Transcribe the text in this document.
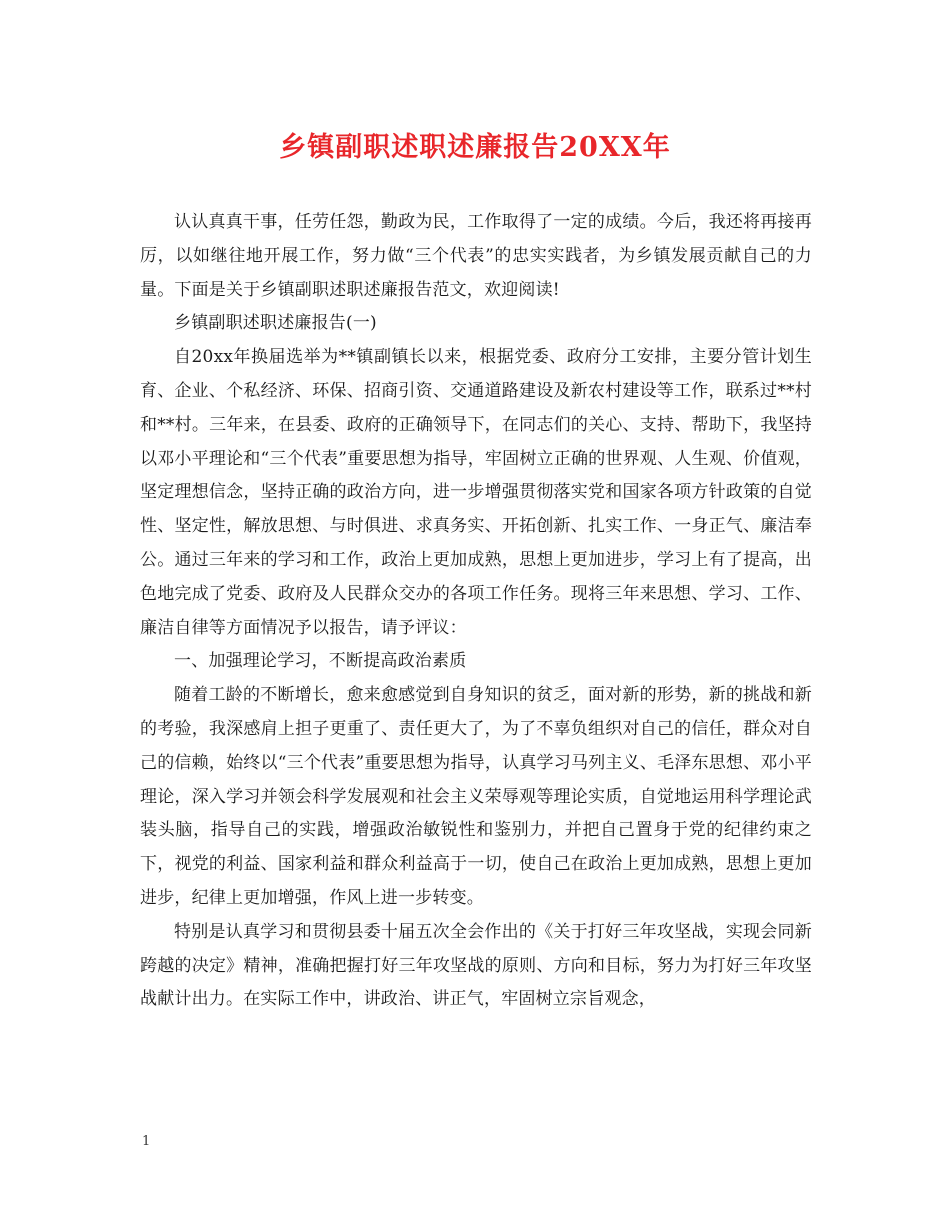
乡镇副职述职述廉报告20XX年

认认真真干事，任劳任怨，勤政为民，工作取得了一定的成绩。今后，我还将再接再厉，以如继往地开展工作，努力做“三个代表”的忠实实践者，为乡镇发展贡献自己的力量。下面是关于乡镇副职述职述廉报告范文，欢迎阅读!

乡镇副职述职述廉报告(一)

自20xx年换届选举为**镇副镇长以来，根据党委、政府分工安排，主要分管计划生育、企业、个私经济、环保、招商引资、交通道路建设及新农村建设等工作，联系过**村和**村。三年来，在县委、政府的正确领导下，在同志们的关心、支持、帮助下，我坚持以邓小平理论和“三个代表”重要思想为指导，牢固树立正确的世界观、人生观、价值观，坚定理想信念，坚持正确的政治方向，进一步增强贯彻落实党和国家各项方针政策的自觉性、坚定性，解放思想、与时俱进、求真务实、开拓创新、扎实工作、一身正气、廉洁奉公。通过三年来的学习和工作，政治上更加成熟，思想上更加进步，学习上有了提高，出色地完成了党委、政府及人民群众交办的各项工作任务。现将三年来思想、学习、工作、廉洁自律等方面情况予以报告，请予评议：

一、加强理论学习，不断提高政治素质

随着工龄的不断增长，愈来愈感觉到自身知识的贫乏，面对新的形势，新的挑战和新的考验，我深感肩上担子更重了、责任更大了，为了不辜负组织对自己的信任，群众对自己的信赖，始终以“三个代表”重要思想为指导，认真学习马列主义、毛泽东思想、邓小平理论，深入学习并领会科学发展观和社会主义荣辱观等理论实质，自觉地运用科学理论武装头脑，指导自己的实践，增强政治敏锐性和鉴别力，并把自己置身于党的纪律约束之下，视党的利益、国家利益和群众利益高于一切，使自己在政治上更加成熟，思想上更加进步，纪律上更加增强，作风上进一步转变。

特别是认真学习和贯彻县委十届五次全会作出的《关于打好三年攻坚战，实现会同新跨越的决定》精神，准确把握打好三年攻坚战的原则、方向和目标，努力为打好三年攻坚战献计出力。在实际工作中，讲政治、讲正气，牢固树立宗旨观念，

1
